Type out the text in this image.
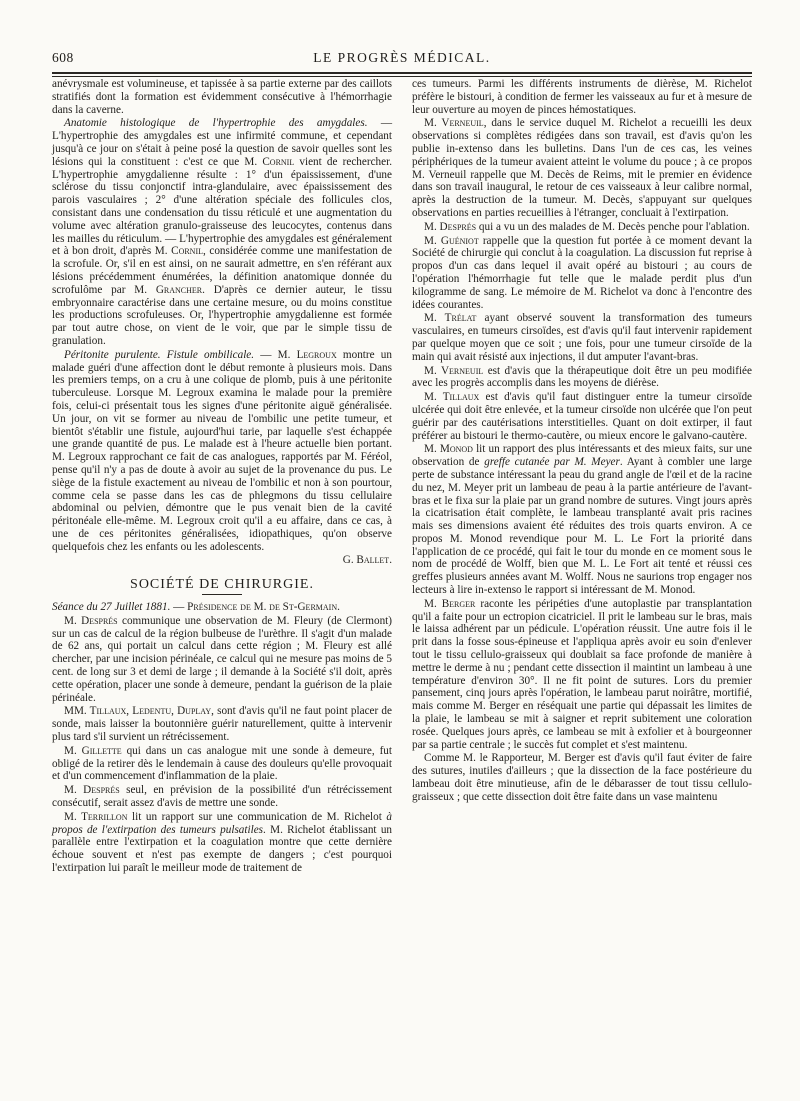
608	LE PROGRÈS MÉDICAL.

anévrysmale est volumineuse, et tapissée à sa partie externe par des caillots stratifiés dont la formation est évidemment consécutive à l'hémorrhagie dans la caverne.

Anatomie histologique de l'hypertrophie des amygdales. — L'hypertrophie des amygdales est une infirmité commune, et cependant jusqu'à ce jour on s'était à peine posé la question de savoir quelles sont les lésions qui la constituent : c'est ce que M. Cornil vient de rechercher. L'hypertrophie amygdalienne résulte : 1° d'un épaississement, d'une sclérose du tissu conjonctif intra-glandulaire, avec épaississement des parois vasculaires ; 2° d'une altération spéciale des follicules clos, consistant dans une condensation du tissu réticulé et une augmentation du volume avec altération granulo-graisseuse des leucocytes, contenus dans les mailles du réticulum. — L'hypertrophie des amygdales est généralement et à bon droit, d'après M. Cornil, considérée comme une manifestation de la scrofule. Or, s'il en est ainsi, on ne saurait admettre, en s'en référant aux lésions précédemment énumérées, la définition anatomique donnée du scrofulôme par M. Grancher. D'après ce dernier auteur, le tissu embryonnaire caractérise dans une certaine mesure, ou du moins constitue les productions scrofuleuses. Or, l'hypertrophie amygdalienne est formée par tout autre chose, on vient de le voir, que par le simple tissu de granulation.

Péritonite purulente. Fistule ombilicale. — M. Legroux montre un malade guéri d'une affection dont le début remonte à plusieurs mois. Dans les premiers temps, on a cru à une colique de plomb, puis à une péritonite tuberculeuse. Lorsque M. Legroux examina le malade pour la première fois, celui-ci présentait tous les signes d'une péritonite aiguë généralisée. Un jour, on vit se former au niveau de l'ombilic une petite tumeur, et bientôt s'établir une fistule, aujourd'hui tarie, par laquelle s'est échappée une grande quantité de pus. Le malade est à l'heure actuelle bien portant. M. Legroux rapprochant ce fait de cas analogues, rapportés par M. Féréol, pense qu'il n'y a pas de doute à avoir au sujet de la provenance du pus. Le siège de la fistule exactement au niveau de l'ombilic et non à son pourtour, comme cela se passe dans les cas de phlegmons du tissu cellulaire abdominal ou pelvien, démontre que le pus venait bien de la cavité péritonéale elle-même. M. Legroux croit qu'il a eu affaire, dans ce cas, à une de ces péritonites généralisées, idiopathiques, qu'on observe quelquefois chez les enfants ou les adolescents.

G. Ballet.

SOCIÉTÉ DE CHIRURGIE.

Séance du 27 Juillet 1881. — Présidence de M. de St-Germain.

M. Després communique une observation de M. Fleury (de Clermont) sur un cas de calcul de la région bulbeuse de l'urèthre. Il s'agit d'un malade de 62 ans, qui portait un calcul dans cette région ; M. Fleury est allé chercher, par une incision périnéale, ce calcul qui ne mesure pas moins de 5 cent. de long sur 3 et demi de large ; il demande à la Société s'il doit, après cette opération, placer une sonde à demeure, pendant la guérison de la plaie périnéale.

MM. Tillaux, Ledentu, Duplay, sont d'avis qu'il ne faut point placer de sonde, mais laisser la boutonnière guérir naturellement, quitte à intervenir plus tard s'il survient un rétrécissement.

M. Gillette qui dans un cas analogue mit une sonde à demeure, fut obligé de la retirer dès le lendemain à cause des douleurs qu'elle provoquait et d'un commencement d'inflammation de la plaie.

M. Després seul, en prévision de la possibilité d'un rétrécissement consécutif, serait assez d'avis de mettre une sonde.

M. Terrillon lit un rapport sur une communication de M. Richelot à propos de l'extirpation des tumeurs pulsatiles. M. Richelot établissant un parallèle entre l'extirpation et la coagulation montre que cette dernière échoue souvent et n'est pas exempte de dangers ; c'est pourquoi l'extirpation lui paraît le meilleur mode de traitement de

ces tumeurs. Parmi les différents instruments de dièrèse, M. Richelot préfère le bistouri, à condition de fermer les vaisseaux au fur et à mesure de leur ouverture au moyen de pinces hémostatiques.

M. Verneuil, dans le service duquel M. Richelot a recueilli les deux observations si complètes rédigées dans son travail, est d'avis qu'on les publie in-extenso dans les bulletins. Dans l'un de ces cas, les veines périphériques de la tumeur avaient atteint le volume du pouce ; à ce propos M. Verneuil rappelle que M. Decès de Reims, mit le premier en évidence dans son travail inaugural, le retour de ces vaisseaux à leur calibre normal, après la destruction de la tumeur. M. Decès, s'appuyant sur quelques observations en parties recueillies à l'étranger, concluait à l'extirpation.

M. Després qui a vu un des malades de M. Decès penche pour l'ablation.

M. Guéniot rappelle que la question fut portée à ce moment devant la Société de chirurgie qui conclut à la coagulation. La discussion fut reprise à propos d'un cas dans lequel il avait opéré au bistouri ; au cours de l'opération l'hémorrhagie fut telle que le malade perdit plus d'un kilogramme de sang. Le mémoire de M. Richelot va donc à l'encontre des idées courantes.

M. Trélat ayant observé souvent la transformation des tumeurs vasculaires, en tumeurs cirsoïdes, est d'avis qu'il faut intervenir rapidement par quelque moyen que ce soit ; une fois, pour une tumeur cirsoïde de la main qui avait résisté aux injections, il dut amputer l'avant-bras.

M. Verneuil est d'avis que la thérapeutique doit être un peu modifiée avec les progrès accomplis dans les moyens de diérèse.

M. Tillaux est d'avis qu'il faut distinguer entre la tumeur cirsoïde ulcérée qui doit être enlevée, et la tumeur cirsoïde non ulcérée que l'on peut guérir par des cautérisations interstitielles. Quant on doit extirper, il faut préférer au bistouri le thermo-cautère, ou mieux encore le galvano-cautère.

M. Monod lit un rapport des plus intéressants et des mieux faits, sur une observation de greffe cutanée par M. Meyer. Ayant à combler une large perte de substance intéressant la peau du grand angle de l'œil et de la racine du nez, M. Meyer prit un lambeau de peau à la partie antérieure de l'avant-bras et le fixa sur la plaie par un grand nombre de sutures. Vingt jours après la cicatrisation était complète, le lambeau transplanté avait pris racines mais ses dimensions avaient été réduites des trois quarts environ. A ce propos M. Monod revendique pour M. L. Le Fort la priorité dans l'application de ce procédé, qui fait le tour du monde en ce moment sous le nom de procédé de Wolff, bien que M. L. Le Fort ait tenté et réussi ces greffes plusieurs années avant M. Wolff. Nous ne saurions trop engager nos lecteurs à lire in-extenso le rapport si intéressant de M. Monod.

M. Berger raconte les péripéties d'une autoplastie par transplantation qu'il a faite pour un ectropion cicatriciel. Il prit le lambeau sur le bras, mais le laissa adhérent par un pédicule. L'opération réussit. Une autre fois il le prit dans la fosse sous-épineuse et l'appliqua après avoir eu soin d'enlever tout le tissu cellulo-graisseux qui doublait sa face profonde de manière à mettre le derme à nu ; pendant cette dissection il maintint un lambeau à une température d'environ 30°. Il ne fit point de sutures. Lors du premier pansement, cinq jours après l'opération, le lambeau parut noirâtre, mortifié, mais comme M. Berger en réséquait une partie qui dépassait les limites de la plaie, le lambeau se mit à saigner et reprit subitement une coloration rosée. Quelques jours après, ce lambeau se mit à exfolier et à bourgeonner par sa partie centrale ; le succès fut complet et s'est maintenu.

Comme M. le Rapporteur, M. Berger est d'avis qu'il faut éviter de faire des sutures, inutiles d'ailleurs ; que la dissection de la face postérieure du lambeau doit être minutieuse, afin de le débarasser de tout tissu cellulo-graisseux ; que cette dissection doit être faite dans un vase maintenu
